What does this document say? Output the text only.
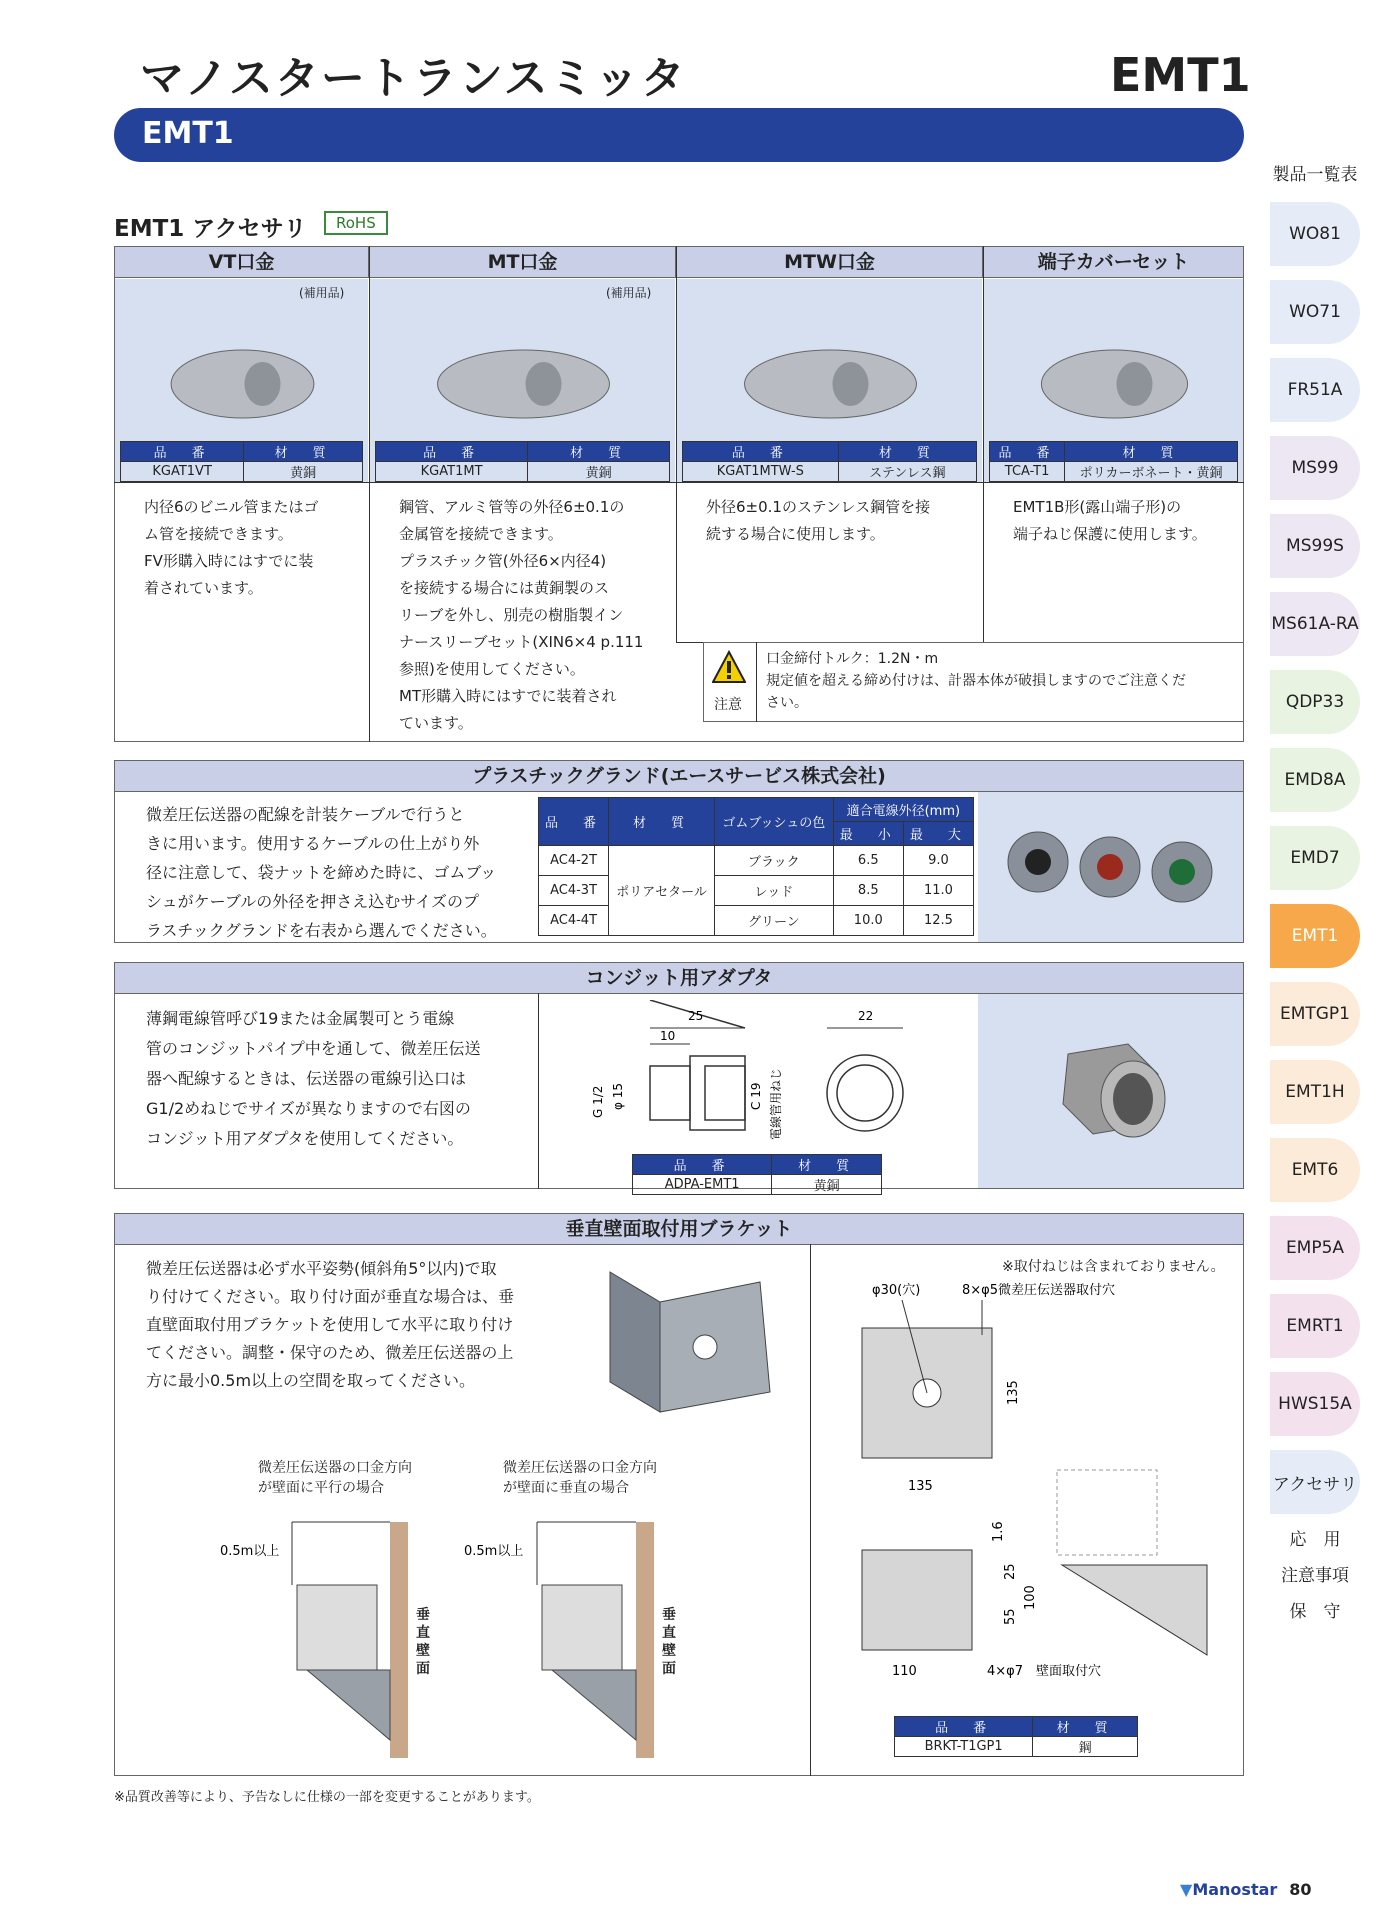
マノスタートランスミッタ	EMT1
EMT1
EMT1 アクセサリ	RoHS
VT口金
(補用品)
品　番	材　質
KGAT1VT	黄銅
内径6のビニル管またはゴ
ム管を接続できます。
FV形購入時にはすでに装
着されています。
MT口金
(補用品)
品　番	材　質
KGAT1MT	黄銅
鋼管、アルミ管等の外径6±0.1の
金属管を接続できます。
プラスチック管(外径6×内径4)
を接続する場合には黄銅製のス
リーブを外し、別売の樹脂製イン
ナースリーブセット(XIN6×4 p.111
参照)を使用してください。
MT形購入時にはすでに装着され
ています。
MTW口金
品　番	材　質
KGAT1MTW-S	ステンレス鋼
外径6±0.1のステンレス鋼管を接
続する場合に使用します。
端子カバーセット
品　番	材　質
TCA-T1	ポリカーボネート・黄銅
EMT1B形(露山端子形)の
端子ねじ保護に使用します。
注意
口金締付トルク：1.2N・m
規定値を超える締め付けは、計器本体が破損しますのでご注意くだ
さい。
プラスチックグランド(エースサービス株式会社)
微差圧伝送器の配線を計装ケーブルで行うと
きに用います。使用するケーブルの仕上がり外
径に注意して、袋ナットを締めた時に、ゴムブッ
シュがケーブルの外径を押さえ込むサイズのプ
ラスチックグランドを右表から選んでください。
品　番	材　質	ゴムブッシュの色	適合電線外径(mm)	
			最　小	最　大
AC4-2T	ポリアセタール	ブラック	6.5	9.0
AC4-3T		レッド	8.5	11.0
AC4-4T		グリーン	10.0	12.5
コンジット用アダプタ
薄鋼電線管呼び19または金属製可とう電線
管のコンジットパイプ中を通して、微差圧伝送
器へ配線するときは、伝送器の電線引込口は
G1/2めねじでサイズが異なりますので右図の
コンジット用アダプタを使用してください。
25
10
22
G 1/2 φ 15	C 19 電線管用ねじ
品　番	材　質
ADPA-EMT1	黄銅
垂直壁面取付用ブラケット
微差圧伝送器は必ず水平姿勢(傾斜角5°以内)で取
り付けてください。取り付け面が垂直な場合は、垂
直壁面取付用ブラケットを使用して水平に取り付け
てください。調整・保守のため、微差圧伝送器の上
方に最小0.5m以上の空間を取ってください。
微差圧伝送器の口金方向
が壁面に平行の場合
微差圧伝送器の口金方向
が壁面に垂直の場合
0.5m以上	0.5m以上
垂直壁面
垂直壁面
※取付ねじは含まれておりません。
φ30(穴)	8×φ5微差圧伝送器取付穴
135
135
1.6
25
55
100
110	4×φ7　壁面取付穴
品　番	材　質
BRKT-T1GP1	鋼
※品質改善等により、予告なしに仕様の一部を変更することがあります。
▼Manostar 80
製品一覧表
WO81
WO71
FR51A
MS99
MS99S
MS61A-RA
QDP33
EMD8A
EMD7
EMT1
EMTGP1
EMT1H
EMT6
EMP5A
EMRT1
HWS15A
アクセサリ
応　用
注意事項
保　守
